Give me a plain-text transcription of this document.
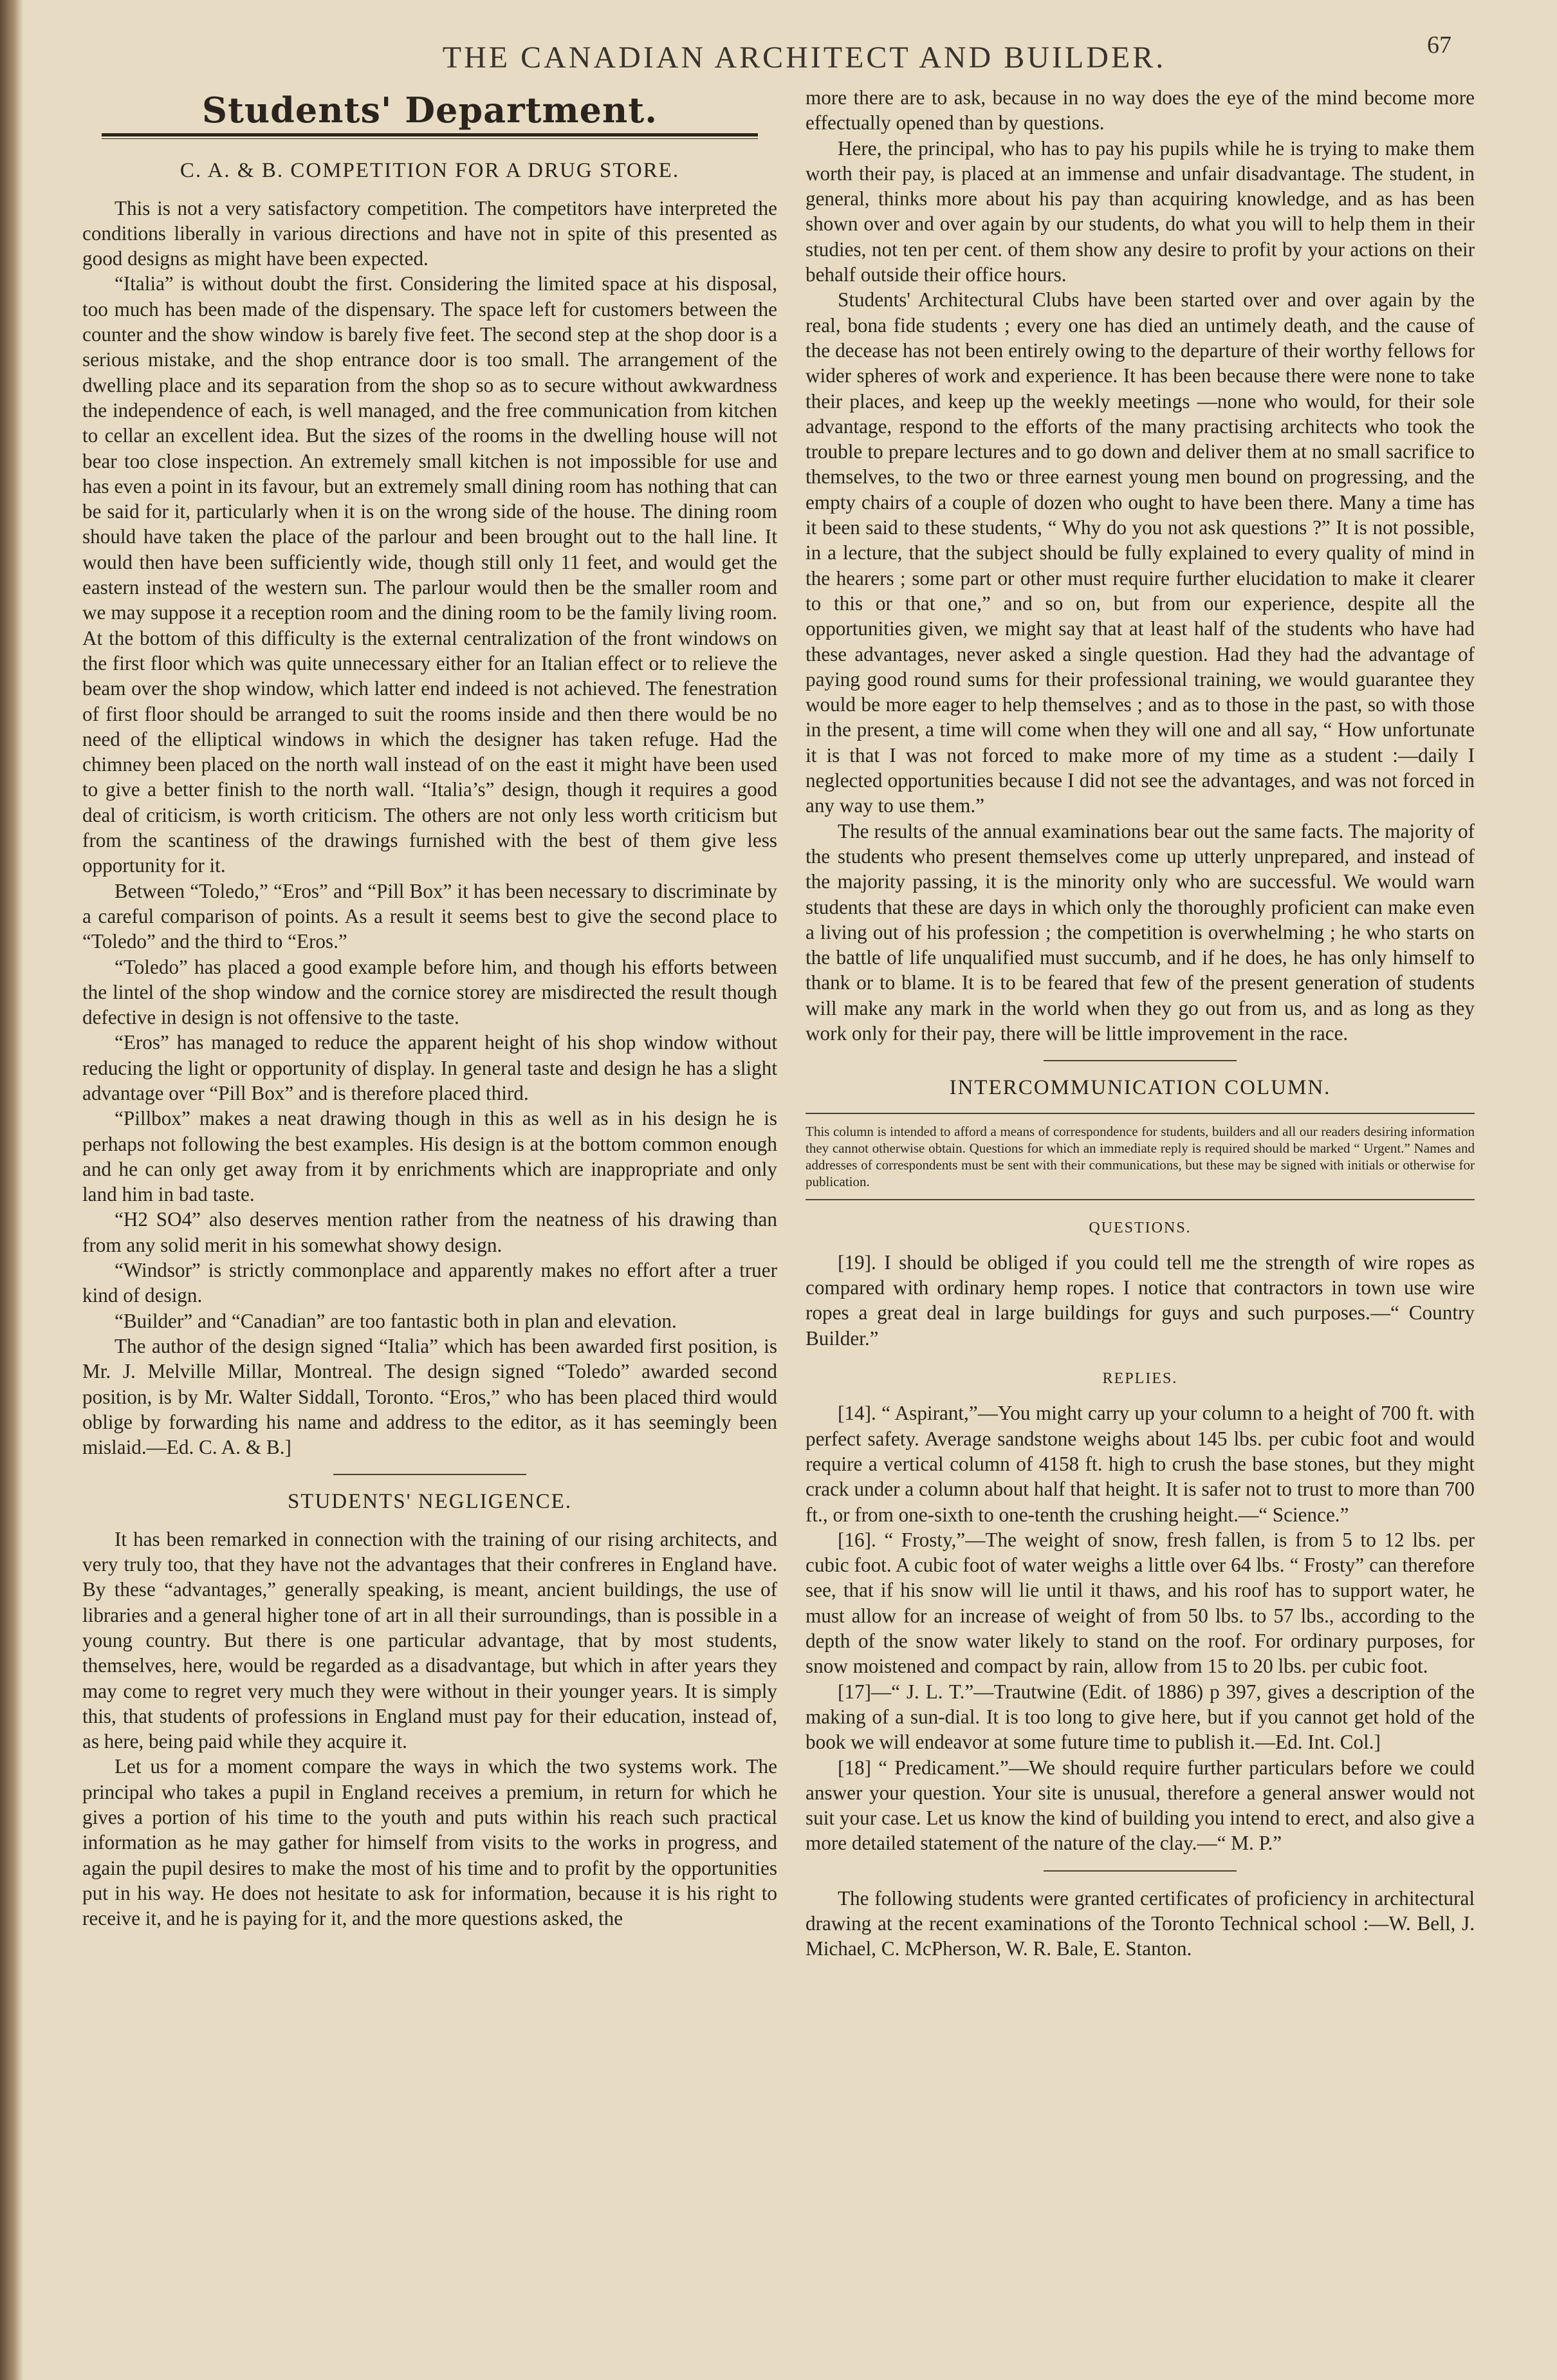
THE CANADIAN ARCHITECT AND BUILDER.	67
Students' Department.
C. A. & B. COMPETITION FOR A DRUG STORE.

This is not a very satisfactory competition. The competitors have interpreted the conditions liberally in various directions and have not in spite of this presented as good designs as might have been expected.

“Italia” is without doubt the first. Considering the limited space at his disposal, too much has been made of the dispensary. The space left for customers between the counter and the show window is barely five feet. The second step at the shop door is a serious mistake, and the shop entrance door is too small. The arrangement of the dwelling place and its separation from the shop so as to secure without awkwardness the independence of each, is well managed, and the free communication from kitchen to cellar an excellent idea. But the sizes of the rooms in the dwelling house will not bear too close inspection. An extremely small kitchen is not impossible for use and has even a point in its favour, but an extremely small dining room has nothing that can be said for it, particularly when it is on the wrong side of the house. The dining room should have taken the place of the parlour and been brought out to the hall line. It would then have been sufficiently wide, though still only 11 feet, and would get the eastern instead of the western sun. The parlour would then be the smaller room and we may suppose it a reception room and the dining room to be the family living room. At the bottom of this difficulty is the external centralization of the front windows on the first floor which was quite unnecessary either for an Italian effect or to relieve the beam over the shop window, which latter end indeed is not achieved. The fenestration of first floor should be arranged to suit the rooms inside and then there would be no need of the elliptical windows in which the designer has taken refuge. Had the chimney been placed on the north wall instead of on the east it might have been used to give a better finish to the north wall. “Italia’s” design, though it requires a good deal of criticism, is worth criticism. The others are not only less worth criticism but from the scantiness of the drawings furnished with the best of them give less opportunity for it.

Between “Toledo,” “Eros” and “Pill Box” it has been necessary to discriminate by a careful comparison of points. As a result it seems best to give the second place to “Toledo” and the third to “Eros.”

“Toledo” has placed a good example before him, and though his efforts between the lintel of the shop window and the cornice storey are misdirected the result though defective in design is not offensive to the taste.

“Eros” has managed to reduce the apparent height of his shop window without reducing the light or opportunity of display. In general taste and design he has a slight advantage over “Pill Box” and is therefore placed third.

“Pillbox” makes a neat drawing though in this as well as in his design he is perhaps not following the best examples. His design is at the bottom common enough and he can only get away from it by enrichments which are inappropriate and only land him in bad taste.

“H2 SO4” also deserves mention rather from the neatness of his drawing than from any solid merit in his somewhat showy design.

“Windsor” is strictly commonplace and apparently makes no effort after a truer kind of design.

“Builder” and “Canadian” are too fantastic both in plan and elevation.

The author of the design signed “Italia” which has been awarded first position, is Mr. J. Melville Millar, Montreal. The design signed “Toledo” awarded second position, is by Mr. Walter Siddall, Toronto. “Eros,” who has been placed third would oblige by forwarding his name and address to the editor, as it has seemingly been mislaid.—Ed. C. A. & B.]

STUDENTS' NEGLIGENCE.

It has been remarked in connection with the training of our rising architects, and very truly too, that they have not the advantages that their confreres in England have. By these “advantages,” generally speaking, is meant, ancient buildings, the use of libraries and a general higher tone of art in all their surroundings, than is possible in a young country. But there is one particular advantage, that by most students, themselves, here, would be regarded as a disadvantage, but which in after years they may come to regret very much they were without in their younger years. It is simply this, that students of professions in England must pay for their education, instead of, as here, being paid while they acquire it.

Let us for a moment compare the ways in which the two systems work. The principal who takes a pupil in England receives a premium, in return for which he gives a portion of his time to the youth and puts within his reach such practical information as he may gather for himself from visits to the works in progress, and again the pupil desires to make the most of his time and to profit by the opportunities put in his way. He does not hesitate to ask for information, because it is his right to receive it, and he is paying for it, and the more questions asked, the

more there are to ask, because in no way does the eye of the mind become more effectually opened than by questions.

Here, the principal, who has to pay his pupils while he is trying to make them worth their pay, is placed at an immense and unfair disadvantage. The student, in general, thinks more about his pay than acquiring knowledge, and as has been shown over and over again by our students, do what you will to help them in their studies, not ten per cent. of them show any desire to profit by your actions on their behalf outside their office hours.

Students' Architectural Clubs have been started over and over again by the real, bona fide students ; every one has died an untimely death, and the cause of the decease has not been entirely owing to the departure of their worthy fellows for wider spheres of work and experience. It has been because there were none to take their places, and keep up the weekly meetings —none who would, for their sole advantage, respond to the efforts of the many practising architects who took the trouble to prepare lectures and to go down and deliver them at no small sacrifice to themselves, to the two or three earnest young men bound on progressing, and the empty chairs of a couple of dozen who ought to have been there. Many a time has it been said to these students, “ Why do you not ask questions ?” It is not possible, in a lecture, that the subject should be fully explained to every quality of mind in the hearers ; some part or other must require further elucidation to make it clearer to this or that one,” and so on, but from our experience, despite all the opportunities given, we might say that at least half of the students who have had these advantages, never asked a single question. Had they had the advantage of paying good round sums for their professional training, we would guarantee they would be more eager to help themselves ; and as to those in the past, so with those in the present, a time will come when they will one and all say, “ How unfortunate it is that I was not forced to make more of my time as a student :—daily I neglected opportunities because I did not see the advantages, and was not forced in any way to use them.”

The results of the annual examinations bear out the same facts. The majority of the students who present themselves come up utterly unprepared, and instead of the majority passing, it is the minority only who are successful. We would warn students that these are days in which only the thoroughly proficient can make even a living out of his profession ; the competition is overwhelming ; he who starts on the battle of life unqualified must succumb, and if he does, he has only himself to thank or to blame. It is to be feared that few of the present generation of students will make any mark in the world when they go out from us, and as long as they work only for their pay, there will be little improvement in the race.

INTERCOMMUNICATION COLUMN.
This column is intended to afford a means of correspondence for students, builders and all our readers desiring information they cannot otherwise obtain. Questions for which an immediate reply is required should be marked “ Urgent.” Names and addresses of correspondents must be sent with their communications, but these may be signed with initials or otherwise for publication.
QUESTIONS.

[19]. I should be obliged if you could tell me the strength of wire ropes as compared with ordinary hemp ropes. I notice that contractors in town use wire ropes a great deal in large buildings for guys and such purposes.—“ Country Builder.”

REPLIES.

[14]. “ Aspirant,”—You might carry up your column to a height of 700 ft. with perfect safety. Average sandstone weighs about 145 lbs. per cubic foot and would require a vertical column of 4158 ft. high to crush the base stones, but they might crack under a column about half that height. It is safer not to trust to more than 700 ft., or from one-sixth to one-tenth the crushing height.—“ Science.”

[16]. “ Frosty,”—The weight of snow, fresh fallen, is from 5 to 12 lbs. per cubic foot. A cubic foot of water weighs a little over 64 lbs. “ Frosty” can therefore see, that if his snow will lie until it thaws, and his roof has to support water, he must allow for an increase of weight of from 50 lbs. to 57 lbs., according to the depth of the snow water likely to stand on the roof. For ordinary purposes, for snow moistened and compact by rain, allow from 15 to 20 lbs. per cubic foot.

[17]—“ J. L. T.”—Trautwine (Edit. of 1886) p 397, gives a description of the making of a sun-dial. It is too long to give here, but if you cannot get hold of the book we will endeavor at some future time to publish it.—Ed. Int. Col.]

[18] “ Predicament.”—We should require further particulars before we could answer your question. Your site is unusual, therefore a general answer would not suit your case. Let us know the kind of building you intend to erect, and also give a more detailed statement of the nature of the clay.—“ M. P.”

The following students were granted certificates of proficiency in architectural drawing at the recent examinations of the Toronto Technical school :—W. Bell, J. Michael, C. McPherson, W. R. Bale, E. Stanton.
